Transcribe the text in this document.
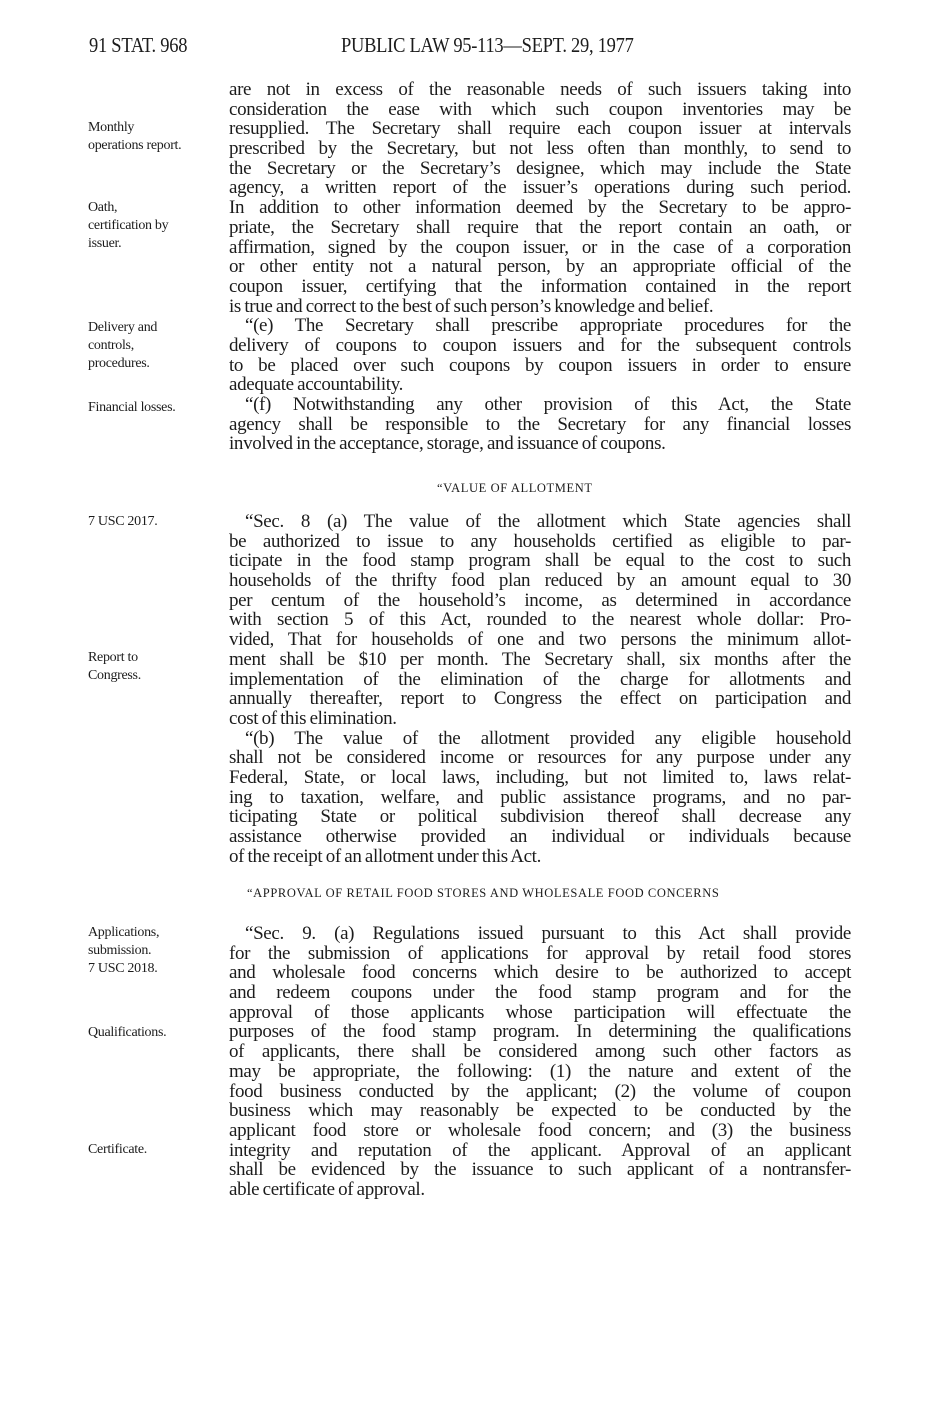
91 STAT. 968	PUBLIC LAW 95-113—SEPT. 29, 1977
“VALUE OF ALLOTMENT
“APPROVAL OF RETAIL FOOD STORES AND WHOLESALE FOOD CONCERNS
Monthly
operations report.
Oath,
certification by
issuer.
Delivery and
controls,
procedures.
Financial losses.
7 USC 2017.
Report to
Congress.
Applications,
submission.
7 USC 2018.
Qualifications.
Certificate.
are not in excess of the reasonable needs of such issuers taking into
consideration the ease with which such coupon inventories may be
resupplied. The Secretary shall require each coupon issuer at intervals
prescribed by the Secretary, but not less often than monthly, to send to
the Secretary or the Secretary’s designee, which may include the State
agency, a written report of the issuer’s operations during such period.
In addition to other information deemed by the Secretary to be appro-
priate, the Secretary shall require that the report contain an oath, or
affirmation, signed by the coupon issuer, or in the case of a corporation
or other entity not a natural person, by an appropriate official of the
coupon issuer, certifying that the information contained in the report
is true and correct to the best of such person’s knowledge and belief.
“(e) The Secretary shall prescribe appropriate procedures for the
delivery of coupons to coupon issuers and for the subsequent controls
to be placed over such coupons by coupon issuers in order to ensure
adequate accountability.
“(f) Notwithstanding any other provision of this Act, the State
agency shall be responsible to the Secretary for any financial losses
involved in the acceptance, storage, and issuance of coupons.
“Sec. 8 (a) The value of the allotment which State agencies shall
be authorized to issue to any households certified as eligible to par-
ticipate in the food stamp program shall be equal to the cost to such
households of the thrifty food plan reduced by an amount equal to 30
per centum of the household’s income, as determined in accordance
with section 5 of this Act, rounded to the nearest whole dollar: Pro-
vided, That for households of one and two persons the minimum allot-
ment shall be $10 per month. The Secretary shall, six months after the
implementation of the elimination of the charge for allotments and
annually thereafter, report to Congress the effect on participation and
cost of this elimination.
“(b) The value of the allotment provided any eligible household
shall not be considered income or resources for any purpose under any
Federal, State, or local laws, including, but not limited to, laws relat-
ing to taxation, welfare, and public assistance programs, and no par-
ticipating State or political subdivision thereof shall decrease any
assistance otherwise provided an individual or individuals because
of the receipt of an allotment under this Act.
“Sec. 9. (a) Regulations issued pursuant to this Act shall provide
for the submission of applications for approval by retail food stores
and wholesale food concerns which desire to be authorized to accept
and redeem coupons under the food stamp program and for the
approval of those applicants whose participation will effectuate the
purposes of the food stamp program. In determining the qualifications
of applicants, there shall be considered among such other factors as
may be appropriate, the following: (1) the nature and extent of the
food business conducted by the applicant; (2) the volume of coupon
business which may reasonably be expected to be conducted by the
applicant food store or wholesale food concern; and (3) the business
integrity and reputation of the applicant. Approval of an applicant
shall be evidenced by the issuance to such applicant of a nontransfer-
able certificate of approval.
